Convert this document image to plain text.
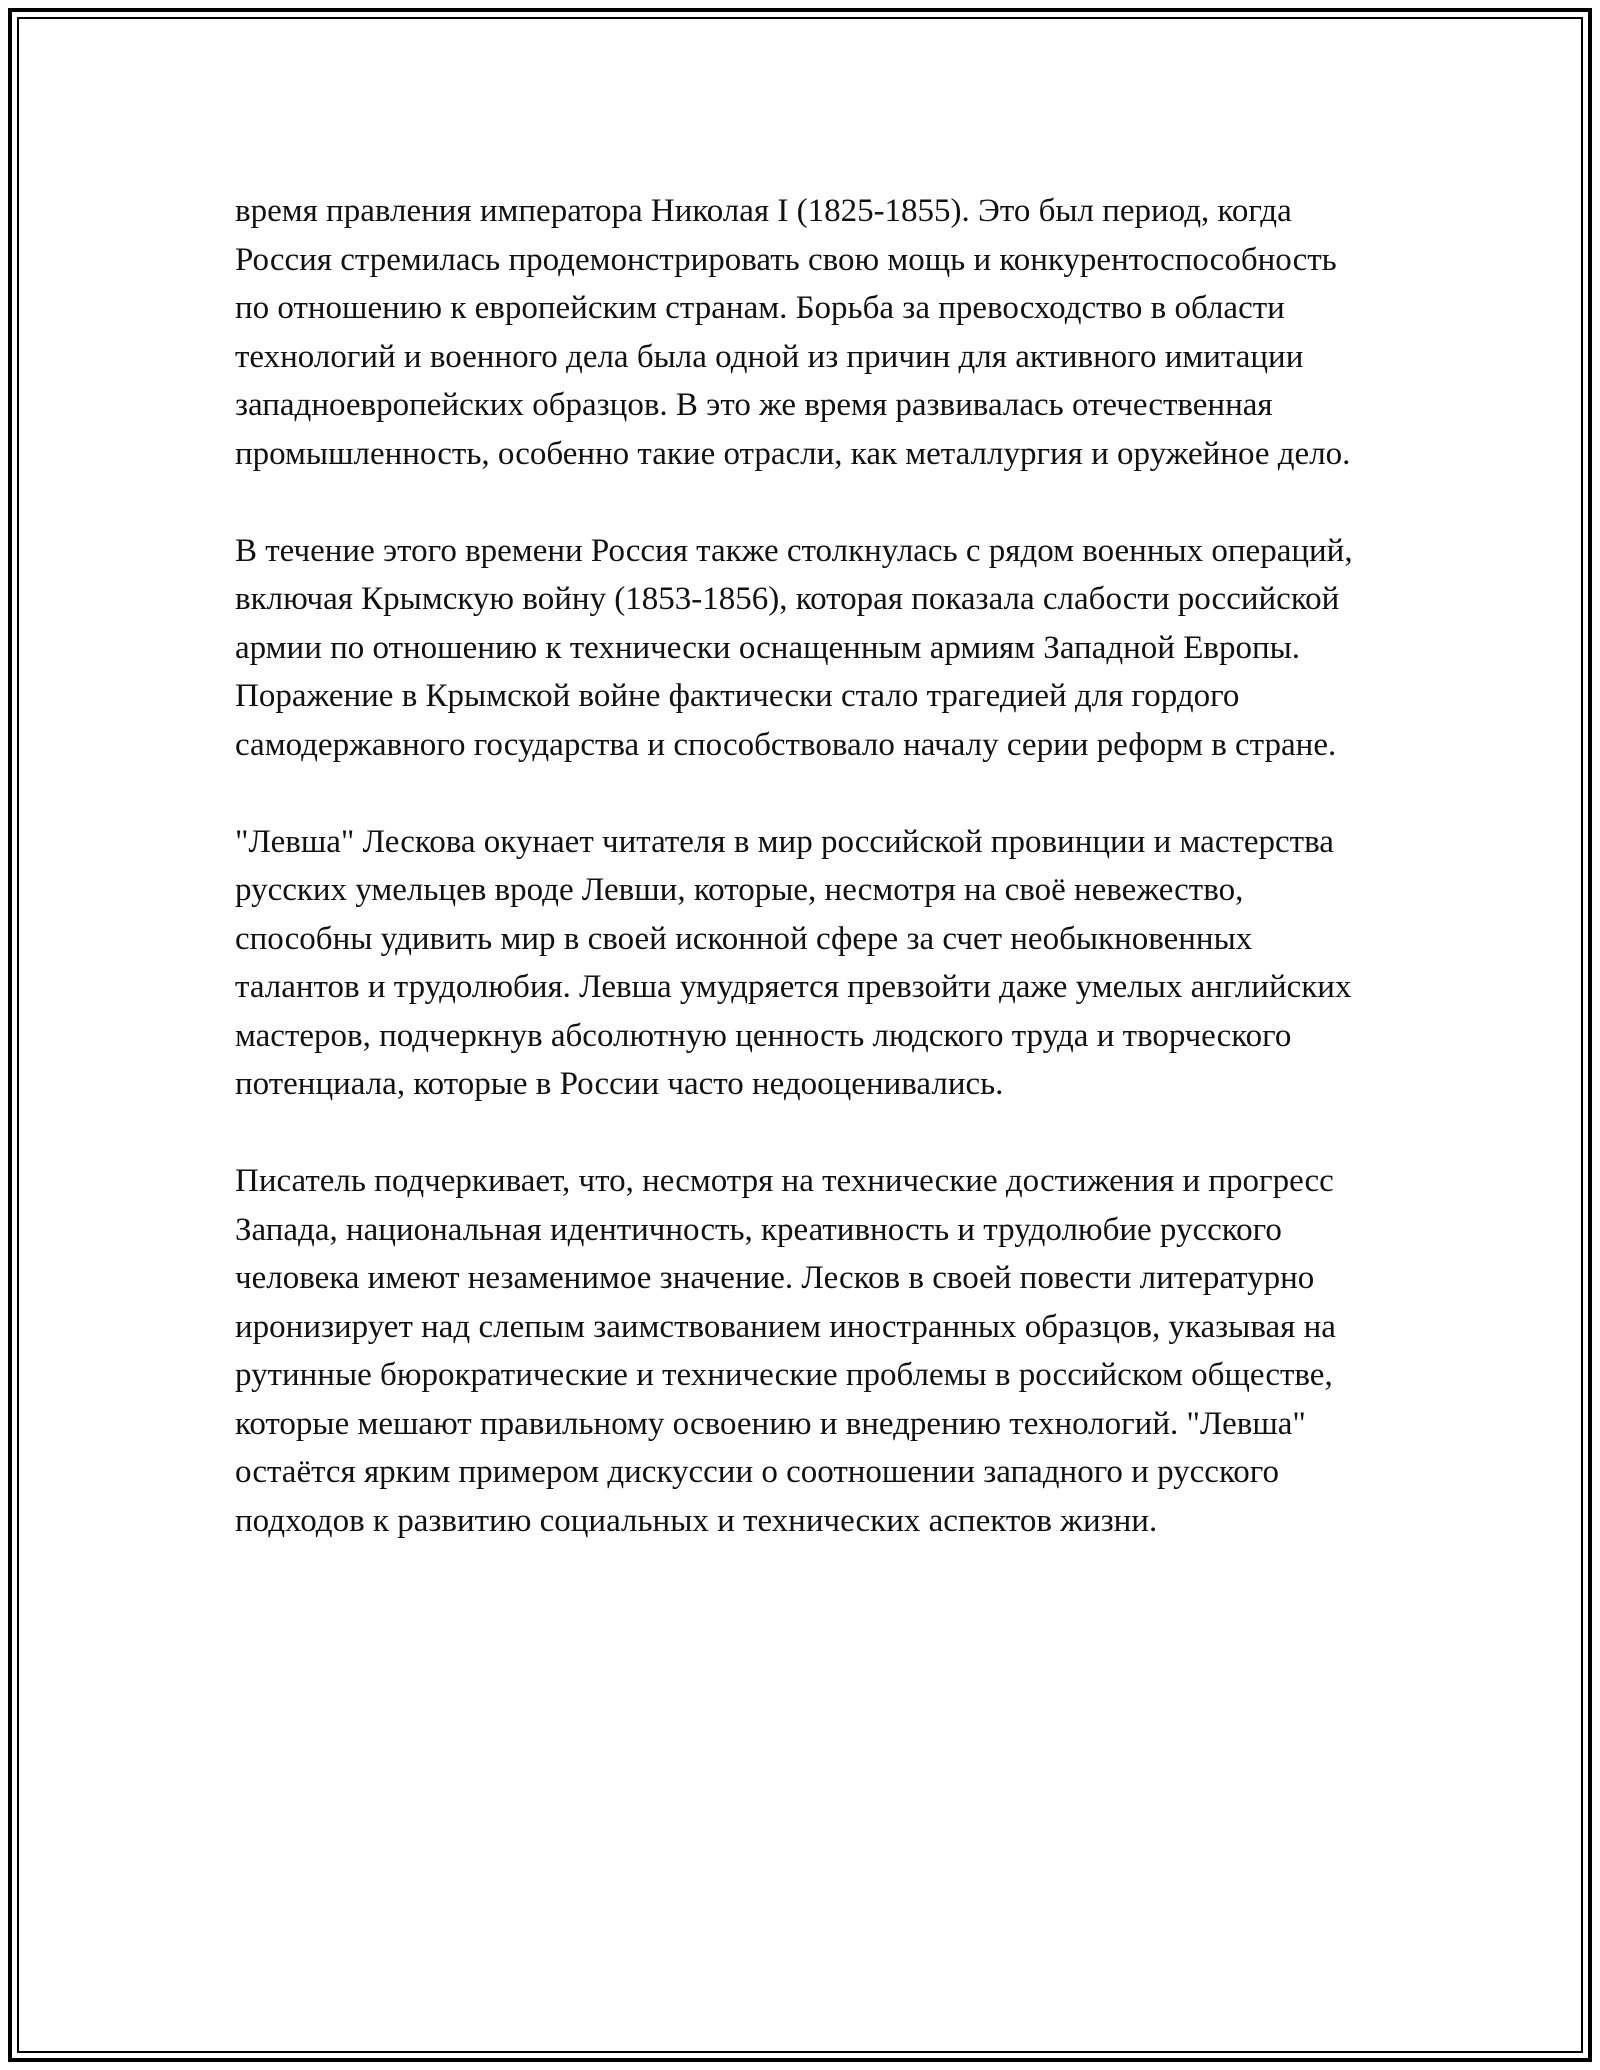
время правления императора Николая I (1825-1855). Это был период, когда Россия стремилась продемонстрировать свою мощь и конкурентоспособность по отношению к европейским странам. Борьба за превосходство в области технологий и военного дела была одной из причин для активного имитации западноевропейских образцов. В это же время развивалась отечественная промышленность, особенно такие отрасли, как металлургия и оружейное дело.

В течение этого времени Россия также столкнулась с рядом военных операций, включая Крымскую войну (1853-1856), которая показала слабости российской армии по отношению к технически оснащенным армиям Западной Европы. Поражение в Крымской войне фактически стало трагедией для гордого самодержавного государства и способствовало началу серии реформ в стране.

"Левша" Лескова окунает читателя в мир российской провинции и мастерства русских умельцев вроде Левши, которые, несмотря на своё невежество, способны удивить мир в своей исконной сфере за счет необыкновенных талантов и трудолюбия. Левша умудряется превзойти даже умелых английских мастеров, подчеркнув абсолютную ценность людского труда и творческого потенциала, которые в России часто недооценивались.

Писатель подчеркивает, что, несмотря на технические достижения и прогресс Запада, национальная идентичность, креативность и трудолюбие русского человека имеют незаменимое значение. Лесков в своей повести литературно иронизирует над слепым заимствованием иностранных образцов, указывая на рутинные бюрократические и технические проблемы в российском обществе, которые мешают правильному освоению и внедрению технологий. "Левша" остаётся ярким примером дискуссии о соотношении западного и русского подходов к развитию социальных и технических аспектов жизни.
